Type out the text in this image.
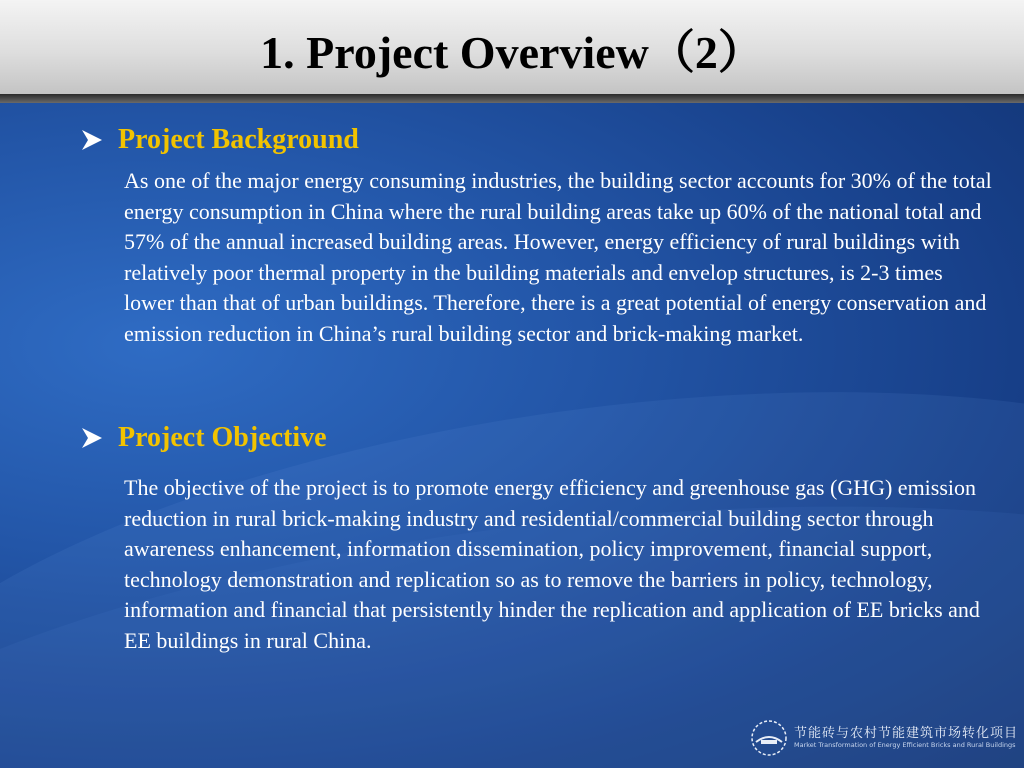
1. Project Overview（2）
Project Background
As one of the major energy consuming industries, the building sector accounts for 30% of the total energy consumption in China where the rural building areas take up 60% of the national total and 57% of the annual increased building areas. However, energy efficiency of rural buildings with relatively poor thermal property in the building materials and envelop structures, is 2-3 times lower than that of urban buildings. Therefore, there is a great potential of energy conservation and emission reduction in China’s rural building sector and brick-making market.
Project Objective
The objective of the project is to promote energy efficiency and greenhouse gas (GHG) emission reduction in rural brick-making industry and residential/commercial building sector through awareness enhancement, information dissemination, policy improvement, financial support, technology demonstration and replication so as to remove the barriers in policy, technology, information and financial that persistently hinder the replication and application of EE bricks and EE buildings in rural China.
节能砖与农村节能建筑市场转化项目
Market Transformation of Energy Efficient Bricks and Rural Buildings
